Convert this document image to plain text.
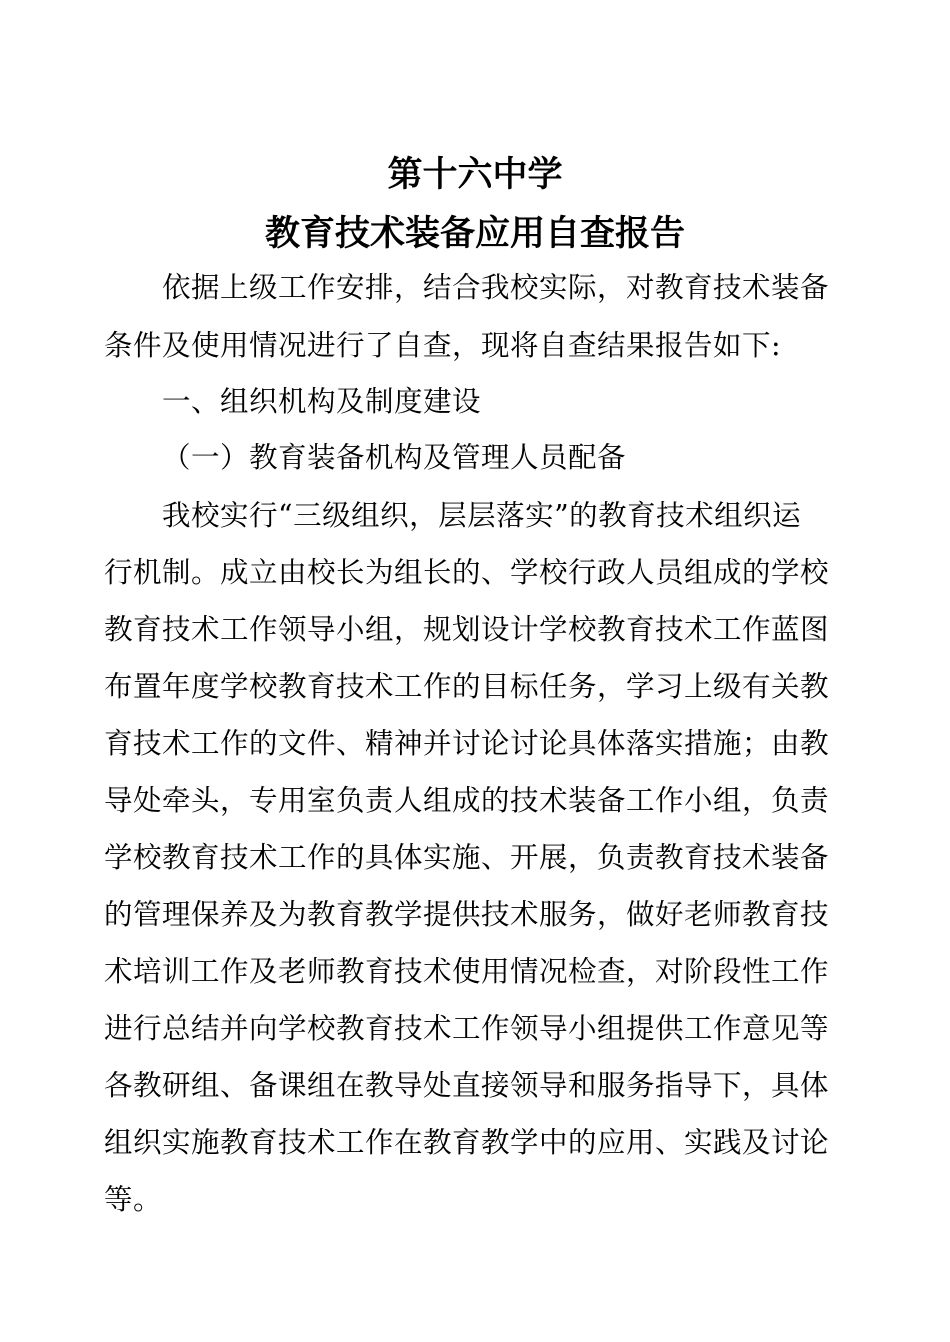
第十六中学
教育技术装备应用自查报告
依据上级工作安排，结合我校实际，对教育技术装备
条件及使用情况进行了自查，现将自查结果报告如下:
一、组织机构及制度建设
（一）教育装备机构及管理人员配备
我校实行“三级组织，层层落实”的教育技术组织运
行机制。成立由校长为组长的、学校行政人员组成的学校
教育技术工作领导小组，规划设计学校教育技术工作蓝图
布置年度学校教育技术工作的目标任务，学习上级有关教
育技术工作的文件、精神并讨论讨论具体落实措施；由教
导处牵头，专用室负责人组成的技术装备工作小组，负责
学校教育技术工作的具体实施、开展，负责教育技术装备
的管理保养及为教育教学提供技术服务，做好老师教育技
术培训工作及老师教育技术使用情况检查，对阶段性工作
进行总结并向学校教育技术工作领导小组提供工作意见等
各教研组、备课组在教导处直接领导和服务指导下，具体
组织实施教育技术工作在教育教学中的应用、实践及讨论
等。
